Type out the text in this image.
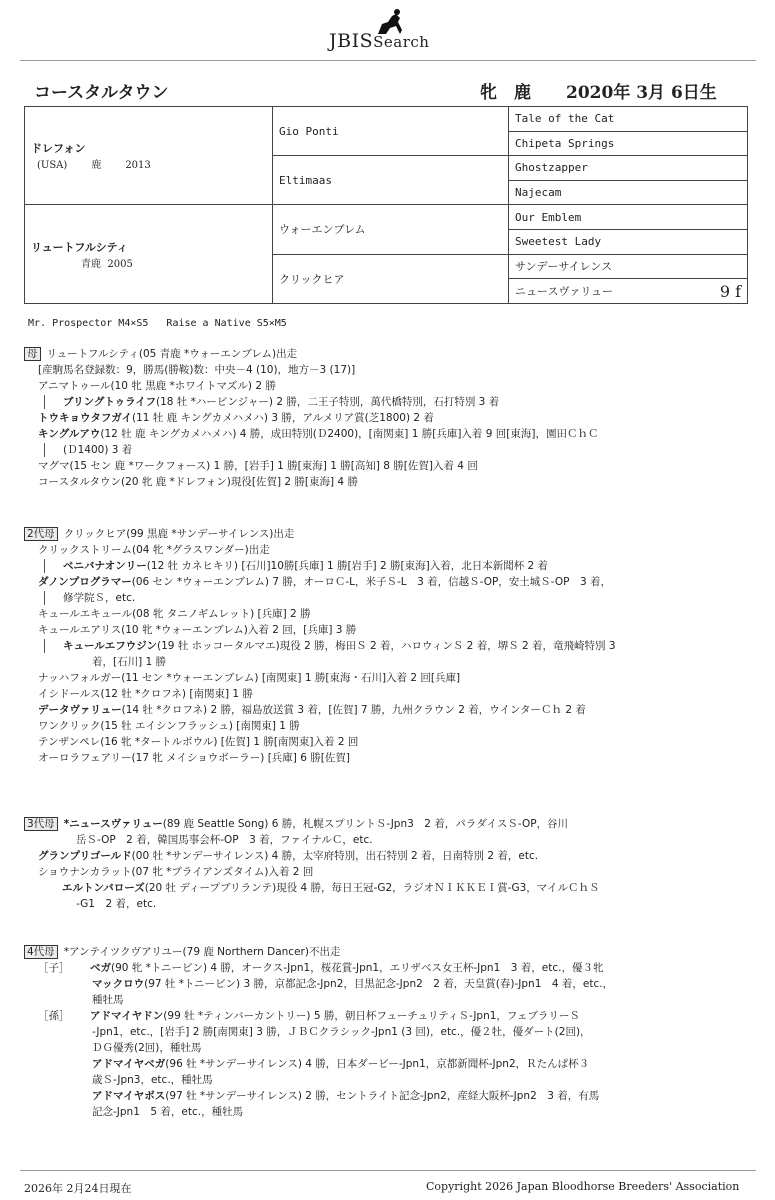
JBISSearch
コースタルタウン	牝 鹿 2020年 3月 6日生
ドレフォン
(USA) 鹿 2013	Gio Ponti	Tale of the Cat
		Chipeta Springs
	Eltimaas	Ghostzapper
		Najecam

リュートフルシティ
青鹿 2005	ウォーエンブレム	Our Emblem
		Sweetest Lady
	クリックヒア	サンデーサイレンス
		ニュースヴァリュー 9 f
Mr. Prospector M4×S5 Raise a Native S5×M5
母 リュートフルシティ(05 青鹿 *ウォーエンブレム)出走
[産駒馬名登録数：9，勝馬(勝鞍)数：中央－4 (10)，地方－3 (17)]
アニマトゥール(10 牝 黒鹿 *ホワイトマズル) 2 勝
ブリングトゥライフ(18 牡 *ハービンジャー) 2 勝，二王子特別，萬代橋特別，石打特別 3 着
トウキョウタフガイ(11 牡 鹿 キングカメハメハ) 3 勝，アルメリア賞(芝1800) 2 着
キングルアウ(12 牡 鹿 キングカメハメハ) 4 勝，成田特別(Ｄ2400)，[南関東] 1 勝[兵庫]入着 9 回[東海]，園田ＣｈＣ
(Ｄ1400) 3 着
マグマ(15 セン 鹿 *ワークフォース) 1 勝，[岩手] 1 勝[東海] 1 勝[高知] 8 勝[佐賀]入着 4 回
コースタルタウン(20 牝 鹿 *ドレフォン)現役[佐賀] 2 勝[東海] 4 勝
2代母 クリックヒア(99 黒鹿 *サンデーサイレンス)出走
クリックストリーム(04 牝 *グラスワンダー)出走
ベニバナオンリー(12 牡 カネヒキリ) [石川]10勝[兵庫] 1 勝[岩手] 2 勝[東海]入着，北日本新聞杯 2 着
ダノンプログラマー(06 セン *ウォーエンブレム) 7 勝，オーロＣ-L，米子Ｓ-L　3 着，信越Ｓ-OP，安土城Ｓ-OP　3 着，
修学院Ｓ，etc.
キュールエキュール(08 牝 タニノギムレット) [兵庫] 2 勝
キュールエアリス(10 牝 *ウォーエンブレム)入着 2 回，[兵庫] 3 勝
キュールエフウジン(19 牡 ホッコータルマエ)現役 2 勝，梅田Ｓ 2 着，ハロウィンＳ 2 着，堺Ｓ 2 着，竜飛崎特別 3
着，[石川] 1 勝
ナッハフォルガー(11 セン *ウォーエンブレム) [南関東] 1 勝[東海・石川]入着 2 回[兵庫]
イシドールス(12 牡 *クロフネ) [南関東] 1 勝
データヴァリュー(14 牡 *クロフネ) 2 勝，福島放送賞 3 着，[佐賀] 7 勝，九州クラウン 2 着，ウインターＣｈ 2 着
ワンクリック(15 牡 エイシンフラッシュ) [南関東] 1 勝
テンザンペレ(16 牝 *タートルボウル) [佐賀] 1 勝[南関東]入着 2 回
オーロラフェアリー(17 牝 メイショウボーラー) [兵庫] 6 勝[佐賀]
3代母 *ニュースヴァリュー(89 鹿 Seattle Song) 6 勝，札幌スプリントＳ-Jpn3　2 着，パラダイスＳ-OP，谷川
岳Ｓ-OP　2 着，韓国馬事会杯-OP　3 着，ファイナルＣ，etc.
グランプリゴールド(00 牡 *サンデーサイレンス) 4 勝，太宰府特別，出石特別 2 着，日南特別 2 着，etc.
ショウナンカラット(07 牝 *ブライアンズタイム)入着 2 回
エルトンバローズ(20 牡 ディープブリランテ)現役 4 勝，毎日王冠-G2，ラジオＮＩＫＫＥＩ賞-G3，マイルＣｈＳ
-G1　2 着，etc.
4代母 *アンテイツクヴアリユー(79 鹿 Northern Dancer)不出走
［子］ ベガ(90 牝 *トニービン) 4 勝，オークス-Jpn1，桜花賞-Jpn1，エリザベス女王杯-Jpn1　3 着，etc.，優３牝
マックロウ(97 牡 *トニービン) 3 勝，京都記念-Jpn2，目黒記念-Jpn2　2 着，天皇賞(春)-Jpn1　4 着，etc.，
種牡馬
［孫］ アドマイヤドン(99 牡 *ティンバーカントリー) 5 勝，朝日杯フューチュリティＳ-Jpn1，フェブラリーＳ
-Jpn1，etc.，[岩手] 2 勝[南関東] 3 勝，ＪＢＣクラシック-Jpn1 (3 回)，etc.，優２牡，優ダート(2回)，
ＤＧ優秀(2回)，種牡馬
アドマイヤベガ(96 牡 *サンデーサイレンス) 4 勝，日本ダービー-Jpn1，京都新聞杯-Jpn2，Ｒたんぱ杯３
歳Ｓ-Jpn3，etc.，種牡馬
アドマイヤボス(97 牡 *サンデーサイレンス) 2 勝，セントライト記念-Jpn2，産経大阪杯-Jpn2　3 着，有馬
記念-Jpn1　5 着，etc.，種牡馬
2026年 2月24日現在	Copyright 2026 Japan Bloodhorse Breeders' Association
